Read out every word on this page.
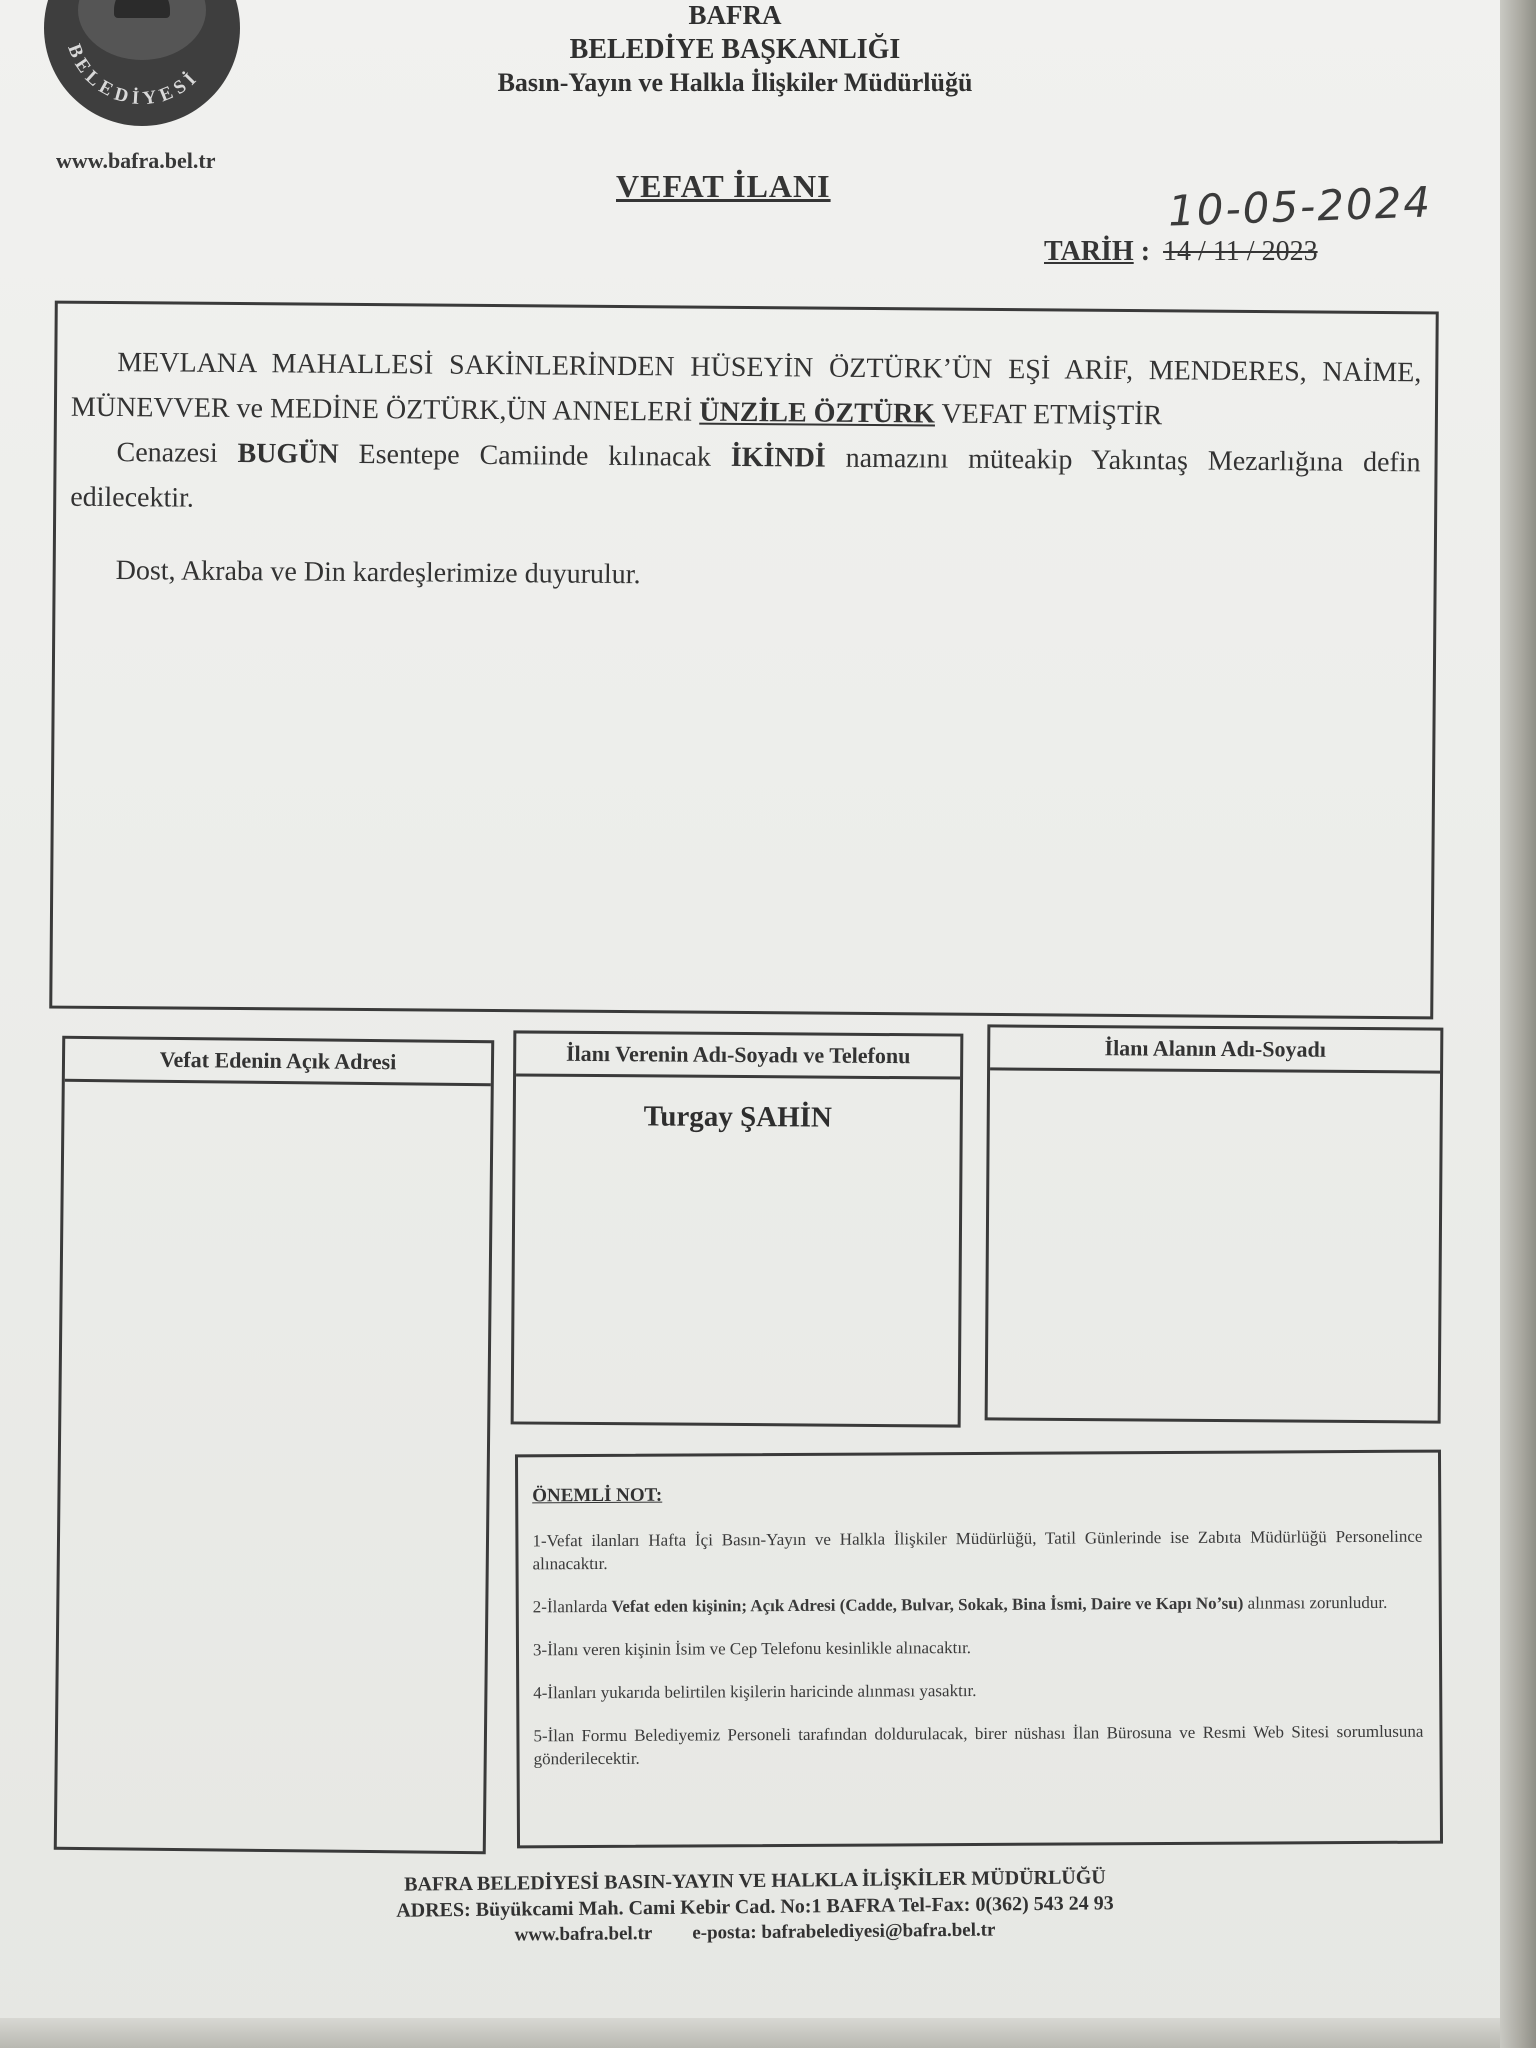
BELEDİYESİ
BAFRA
BELEDİYE BAŞKANLIĞI
Basın-Yayın ve Halkla İlişkiler Müdürlüğü
www.bafra.bel.tr
VEFAT İLANI	10-05-2024
TARİH : 14 / 11 / 2023

MEVLANA MAHALLESİ SAKİNLERİNDEN HÜSEYİN ÖZTÜRK’ÜN EŞİ ARİF, MENDERES, NAİME, MÜNEVVER ve MEDİNE ÖZTÜRK,ÜN ANNELERİ ÜNZİLE ÖZTÜRK VEFAT ETMİŞTİR

Cenazesi BUGÜN Esentepe Camiinde kılınacak İKİNDİ namazını müteakip Yakıntaş Mezarlığına defin edilecektir.

Dost, Akraba ve Din kardeşlerimize duyurulur.

Vefat Edenin Açık Adresi	İlanı Verenin Adı-Soyadı ve Telefonu
Turgay ŞAHİN
İlanı Alanın Adı-Soyadı
ÖNEMLİ NOT:
1-Vefat ilanları Hafta İçi Basın-Yayın ve Halkla İlişkiler Müdürlüğü, Tatil Günlerinde ise Zabıta Müdürlüğü Personelince alınacaktır.
2-İlanlarda Vefat eden kişinin; Açık Adresi (Cadde, Bulvar, Sokak, Bina İsmi, Daire ve Kapı No’su) alınması zorunludur.
3-İlanı veren kişinin İsim ve Cep Telefonu kesinlikle alınacaktır.
4-İlanları yukarıda belirtilen kişilerin haricinde alınması yasaktır.
5-İlan Formu Belediyemiz Personeli tarafından doldurulacak, birer nüshası İlan Bürosuna ve Resmi Web Sitesi sorumlusuna gönderilecektir.
BAFRA BELEDİYESİ BASIN-YAYIN VE HALKLA İLİŞKİLER MÜDÜRLÜĞÜ
ADRES: Büyükcami Mah. Cami Kebir Cad. No:1 BAFRA Tel-Fax: 0(362) 543 24 93
www.bafra.bel.tr e-posta: bafrabelediyesi@bafra.bel.tr
